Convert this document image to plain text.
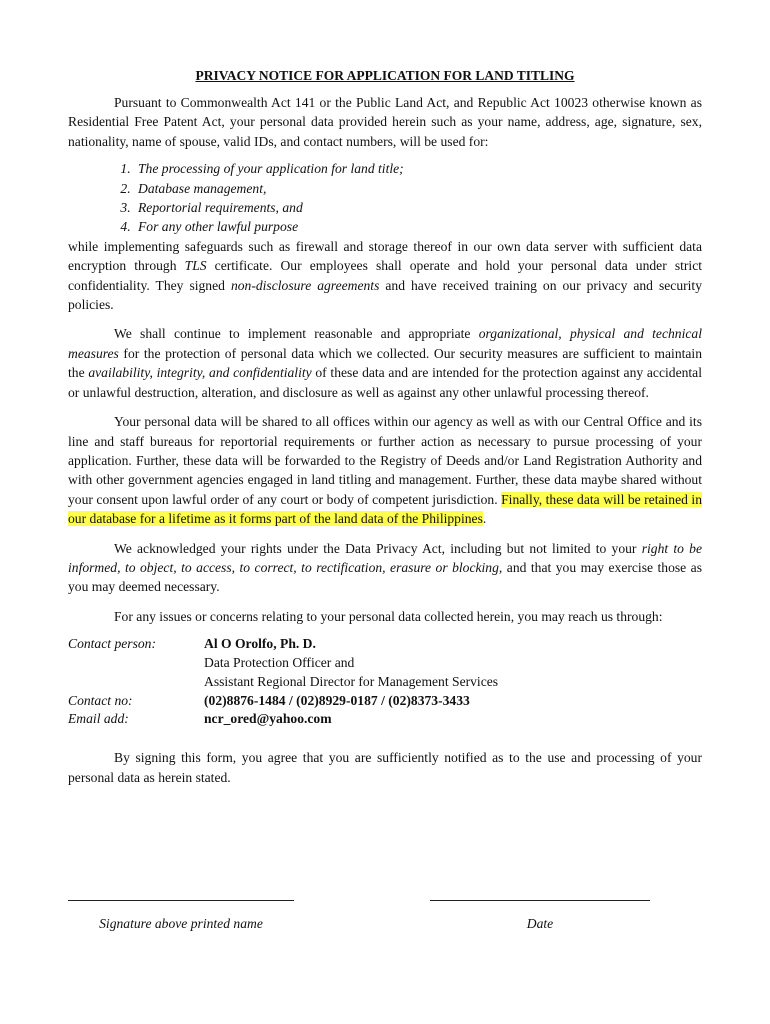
PRIVACY NOTICE FOR APPLICATION FOR LAND TITLING

Pursuant to Commonwealth Act 141 or the Public Land Act, and Republic Act 10023 otherwise known as Residential Free Patent Act, your personal data provided herein such as your name, address, age, signature, sex, nationality, name of spouse, valid IDs, and contact numbers, will be used for:

1. The processing of your application for land title;
2. Database management,
3. Reportorial requirements, and
4. For any other lawful purpose

while implementing safeguards such as firewall and storage thereof in our own data server with sufficient data encryption through TLS certificate. Our employees shall operate and hold your personal data under strict confidentiality. They signed non-disclosure agreements and have received training on our privacy and security policies.

We shall continue to implement reasonable and appropriate organizational, physical and technical measures for the protection of personal data which we collected. Our security measures are sufficient to maintain the availability, integrity, and confidentiality of these data and are intended for the protection against any accidental or unlawful destruction, alteration, and disclosure as well as against any other unlawful processing thereof.

Your personal data will be shared to all offices within our agency as well as with our Central Office and its line and staff bureaus for reportorial requirements or further action as necessary to pursue processing of your application. Further, these data will be forwarded to the Registry of Deeds and/or Land Registration Authority and with other government agencies engaged in land titling and management. Further, these data maybe shared without your consent upon lawful order of any court or body of competent jurisdiction. Finally, these data will be retained in our database for a lifetime as it forms part of the land data of the Philippines.

We acknowledged your rights under the Data Privacy Act, including but not limited to your right to be informed, to object, to access, to correct, to rectification, erasure or blocking, and that you may exercise those as you may deemed necessary.

For any issues or concerns relating to your personal data collected herein, you may reach us through:

Contact person:	Al O Orolfo, Ph. D.
Data Protection Officer and
Assistant Regional Director for Management Services
Contact no:	(02)8876-1484 / (02)8929-0187 / (02)8373-3433
Email add:	ncr_ored@yahoo.com

By signing this form, you agree that you are sufficiently notified as to the use and processing of your personal data as herein stated.

Signature above printed name	Date
